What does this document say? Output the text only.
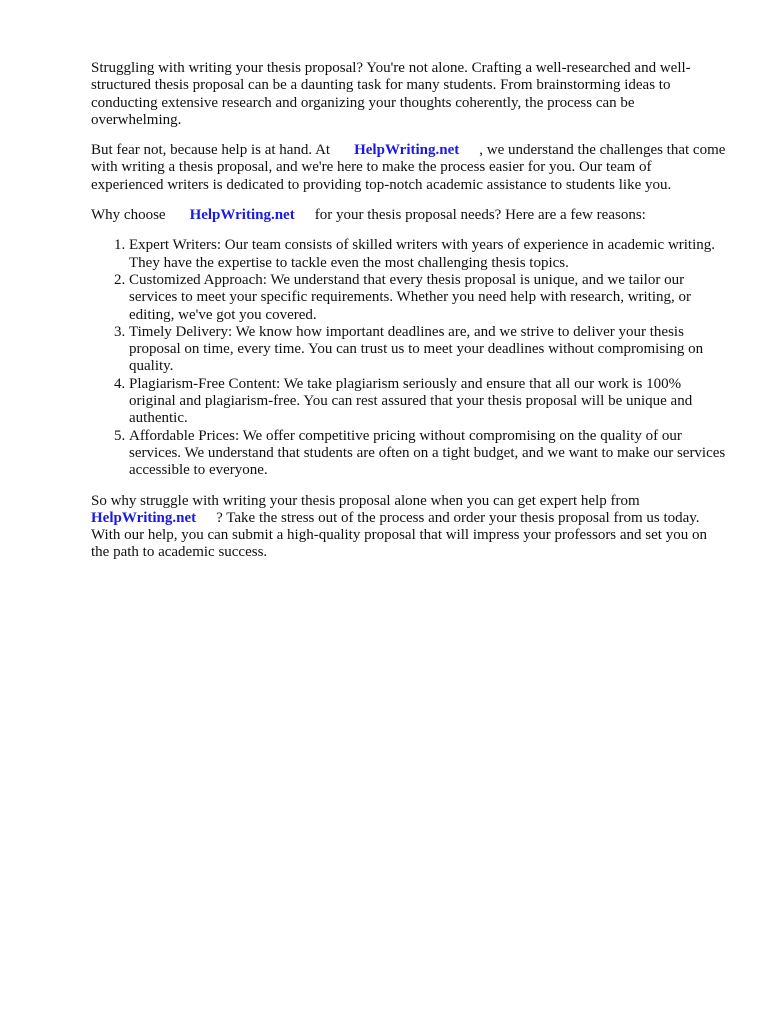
Struggling with writing your thesis proposal? You're not alone. Crafting a well-researched and well-structured thesis proposal can be a daunting task for many students. From brainstorming ideas to conducting extensive research and organizing your thoughts coherently, the process can be overwhelming.

But fear not, because help is at hand. At HelpWriting.net , we understand the challenges that come with writing a thesis proposal, and we're here to make the process easier for you. Our team of experienced writers is dedicated to providing top-notch academic assistance to students like you.

Why choose HelpWriting.net for your thesis proposal needs? Here are a few reasons:

1. Expert Writers: Our team consists of skilled writers with years of experience in academic writing. They have the expertise to tackle even the most challenging thesis topics.
2. Customized Approach: We understand that every thesis proposal is unique, and we tailor our services to meet your specific requirements. Whether you need help with research, writing, or editing, we've got you covered.
3. Timely Delivery: We know how important deadlines are, and we strive to deliver your thesis proposal on time, every time. You can trust us to meet your deadlines without compromising on quality.
4. Plagiarism-Free Content: We take plagiarism seriously and ensure that all our work is 100% original and plagiarism-free. You can rest assured that your thesis proposal will be unique and authentic.
5. Affordable Prices: We offer competitive pricing without compromising on the quality of our services. We understand that students are often on a tight budget, and we want to make our services accessible to everyone.

So why struggle with writing your thesis proposal alone when you can get expert help from HelpWriting.net ? Take the stress out of the process and order your thesis proposal from us today. With our help, you can submit a high-quality proposal that will impress your professors and set you on the path to academic success.
